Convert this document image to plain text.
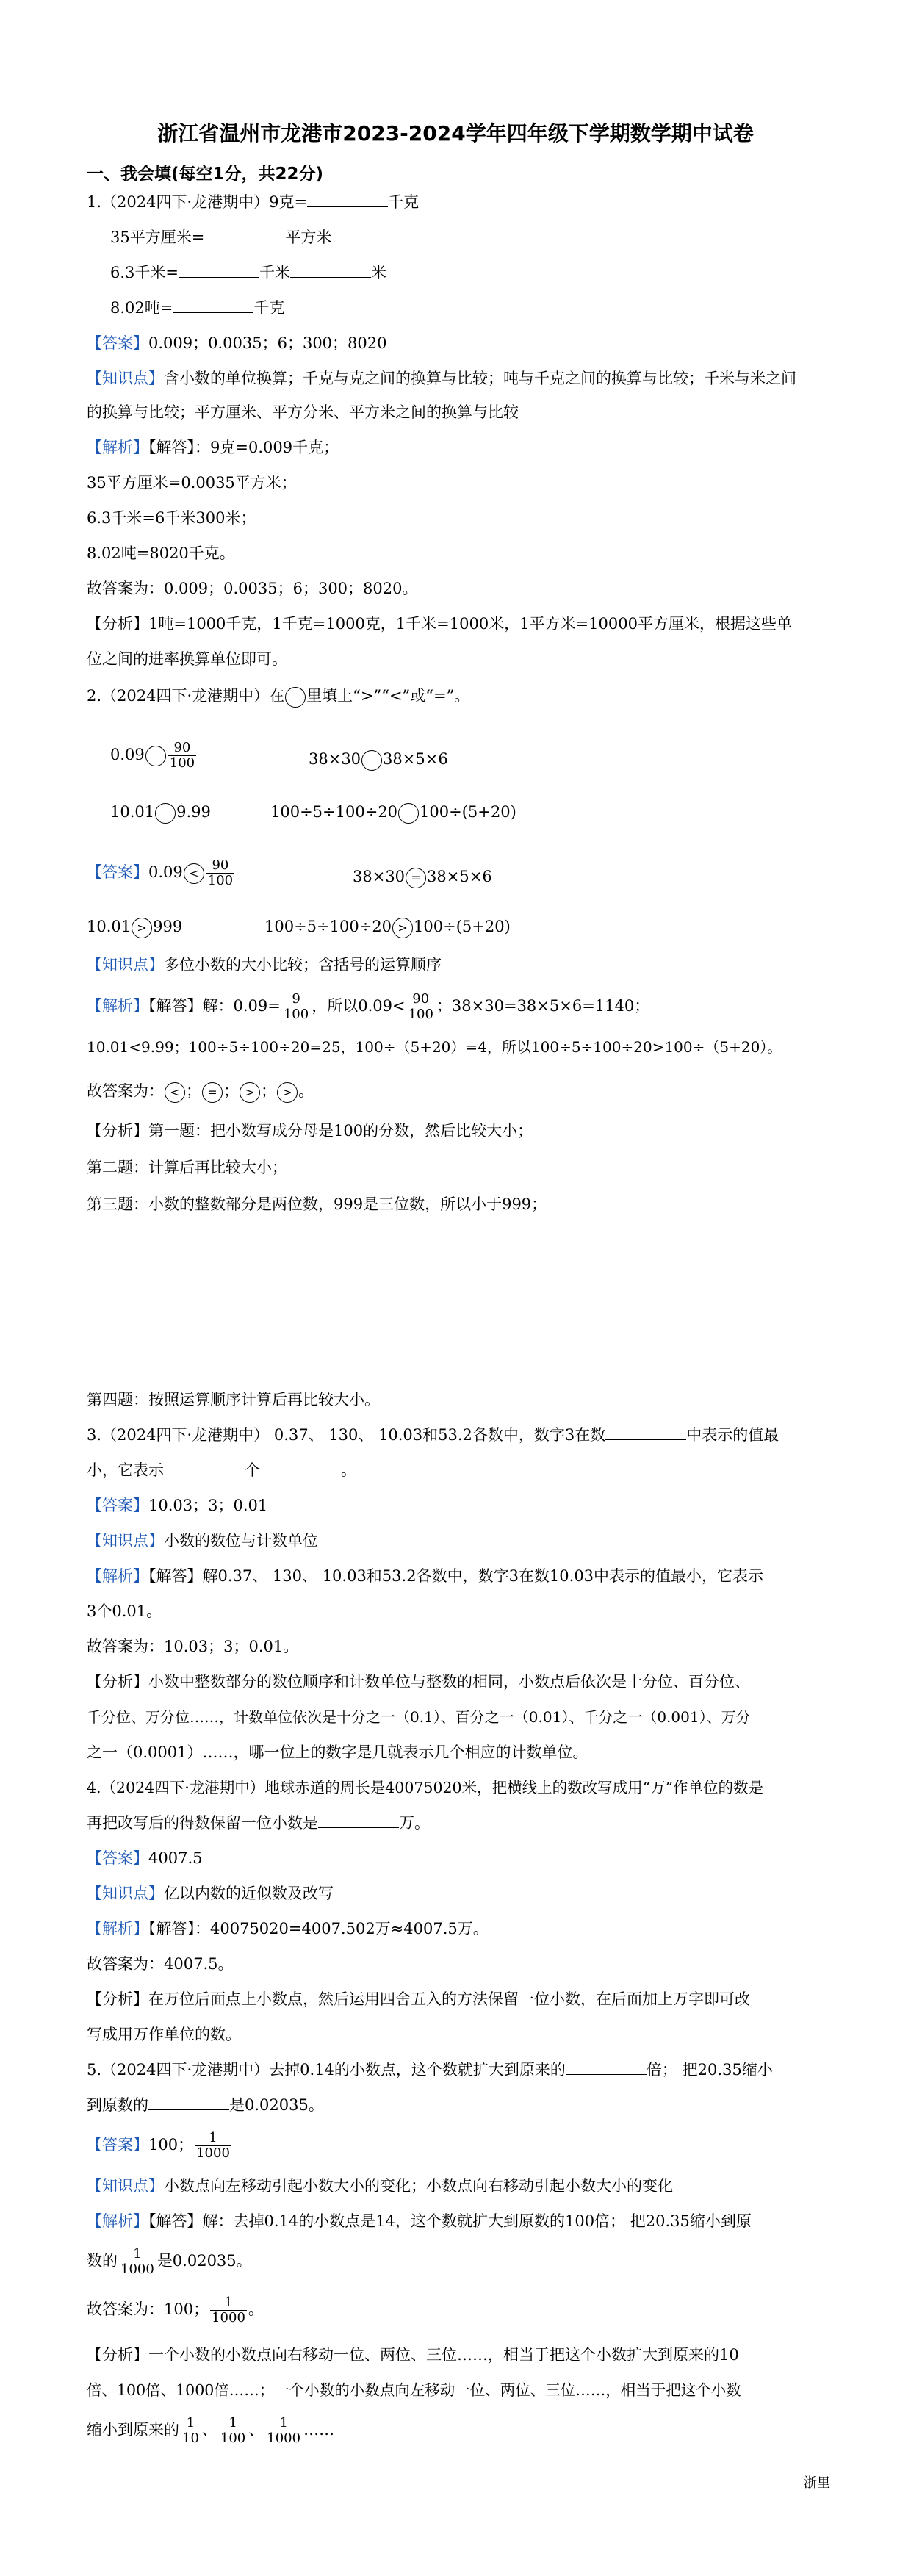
浙江省温州市龙港市2023-2024学年四年级下学期数学期中试卷
一、我会填(每空1分，共22分)
1.（2024四下·龙港期中）9克=	千克
35平方厘米=	平方米
6.3千米=	千米	米
8.02吨=	千克
【答案】0.009；0.0035；6；300；8020
【知识点】含小数的单位换算；千克与克之间的换算与比较；吨与千克之间的换算与比较；千米与米之间
的换算与比较；平方厘米、平方分米、平方米之间的换算与比较
【解析】【解答】：9克=0.009千克；
35平方厘米=0.0035平方米；
6.3千米=6千米300米；
8.02吨=8020千克。
故答案为：0.009；0.0035；6；300；8020。
【分析】1吨=1000千克，1千克=1000克，1千米=1000米，1平方米=10000平方厘米，根据这些单
位之间的进率换算单位即可。
2.（2024四下·龙港期中）在 里填上“>”“<”或“=”。
$0.09 \frac{90}{100}$	38×30 38×5×6
10.01 9.99	100÷5÷100÷20 100÷(5+20)
【答案】$0.09 < \frac{90}{100}$	38×30 = 38×5×6
10.01 > 999	100÷5÷100÷20 > 100÷(5+20)
【知识点】多位小数的大小比较；含括号的运算顺序
【解析】【解答】解：$0.09= \frac{9}{100}$ ，所以$0.09< \frac{90}{100}$ ；38×30=38×5×6=1140；
10.01<9.99；100÷5÷100÷20=25，100÷（5+20）=4，所以100÷5÷100÷20>100÷（5+20）。
故答案为： < ； = ； > ； > 。
【分析】第一题：把小数写成分母是100的分数，然后比较大小；
第二题：计算后再比较大小；
第三题：小数的整数部分是两位数，999是三位数，所以小于999；
第四题：按照运算顺序计算后再比较大小。
3.（2024四下·龙港期中） 0.37、 130、 10.03和53.2各数中，数字3在数	中表示的值最
小，它表示	个	。
【答案】10.03；3；0.01
【知识点】小数的数位与计数单位
【解析】【解答】解0.37、 130、 10.03和53.2各数中，数字3在数10.03中表示的值最小，它表示
3个0.01。
故答案为：10.03；3；0.01。
【分析】小数中整数部分的数位顺序和计数单位与整数的相同，小数点后依次是十分位、百分位、
千分位、万分位……，计数单位依次是十分之一（0.1）、百分之一（0.01）、千分之一（0.001）、万分
之一（0.0001）……，哪一位上的数字是几就表示几个相应的计数单位。
4.（2024四下·龙港期中）地球赤道的周长是40075020米，把横线上的数改写成用“万”作单位的数是
再把改写后的得数保留一位小数是	万。
【答案】4007.5
【知识点】亿以内数的近似数及改写
【解析】【解答】：40075020=4007.502万≈4007.5万。
故答案为：4007.5。
【分析】在万位后面点上小数点，然后运用四舍五入的方法保留一位小数，在后面加上万字即可改
写成用万作单位的数。
5.（2024四下·龙港期中）去掉0.14的小数点，这个数就扩大到原来的	倍； 把20.35缩小
到原数的	是0.02035。
【答案】100； $\frac{1}{1000}$
【知识点】小数点向左移动引起小数大小的变化；小数点向右移动引起小数大小的变化
【解析】【解答】解：去掉0.14的小数点是14，这个数就扩大到原数的100倍； 把20.35缩小到原
数的 $\frac{1}{1000}$ 是0.02035。
故答案为：100； $\frac{1}{1000}$ 。
【分析】一个小数的小数点向右移动一位、两位、三位……，相当于把这个小数扩大到原来的10
倍、100倍、1000倍……；一个小数的小数点向左移动一位、两位、三位……，相当于把这个小数
缩小到原来的 $\frac{1}{10}$ 、 $\frac{1}{100}$ 、 $\frac{1}{1000}$ ……
浙里
